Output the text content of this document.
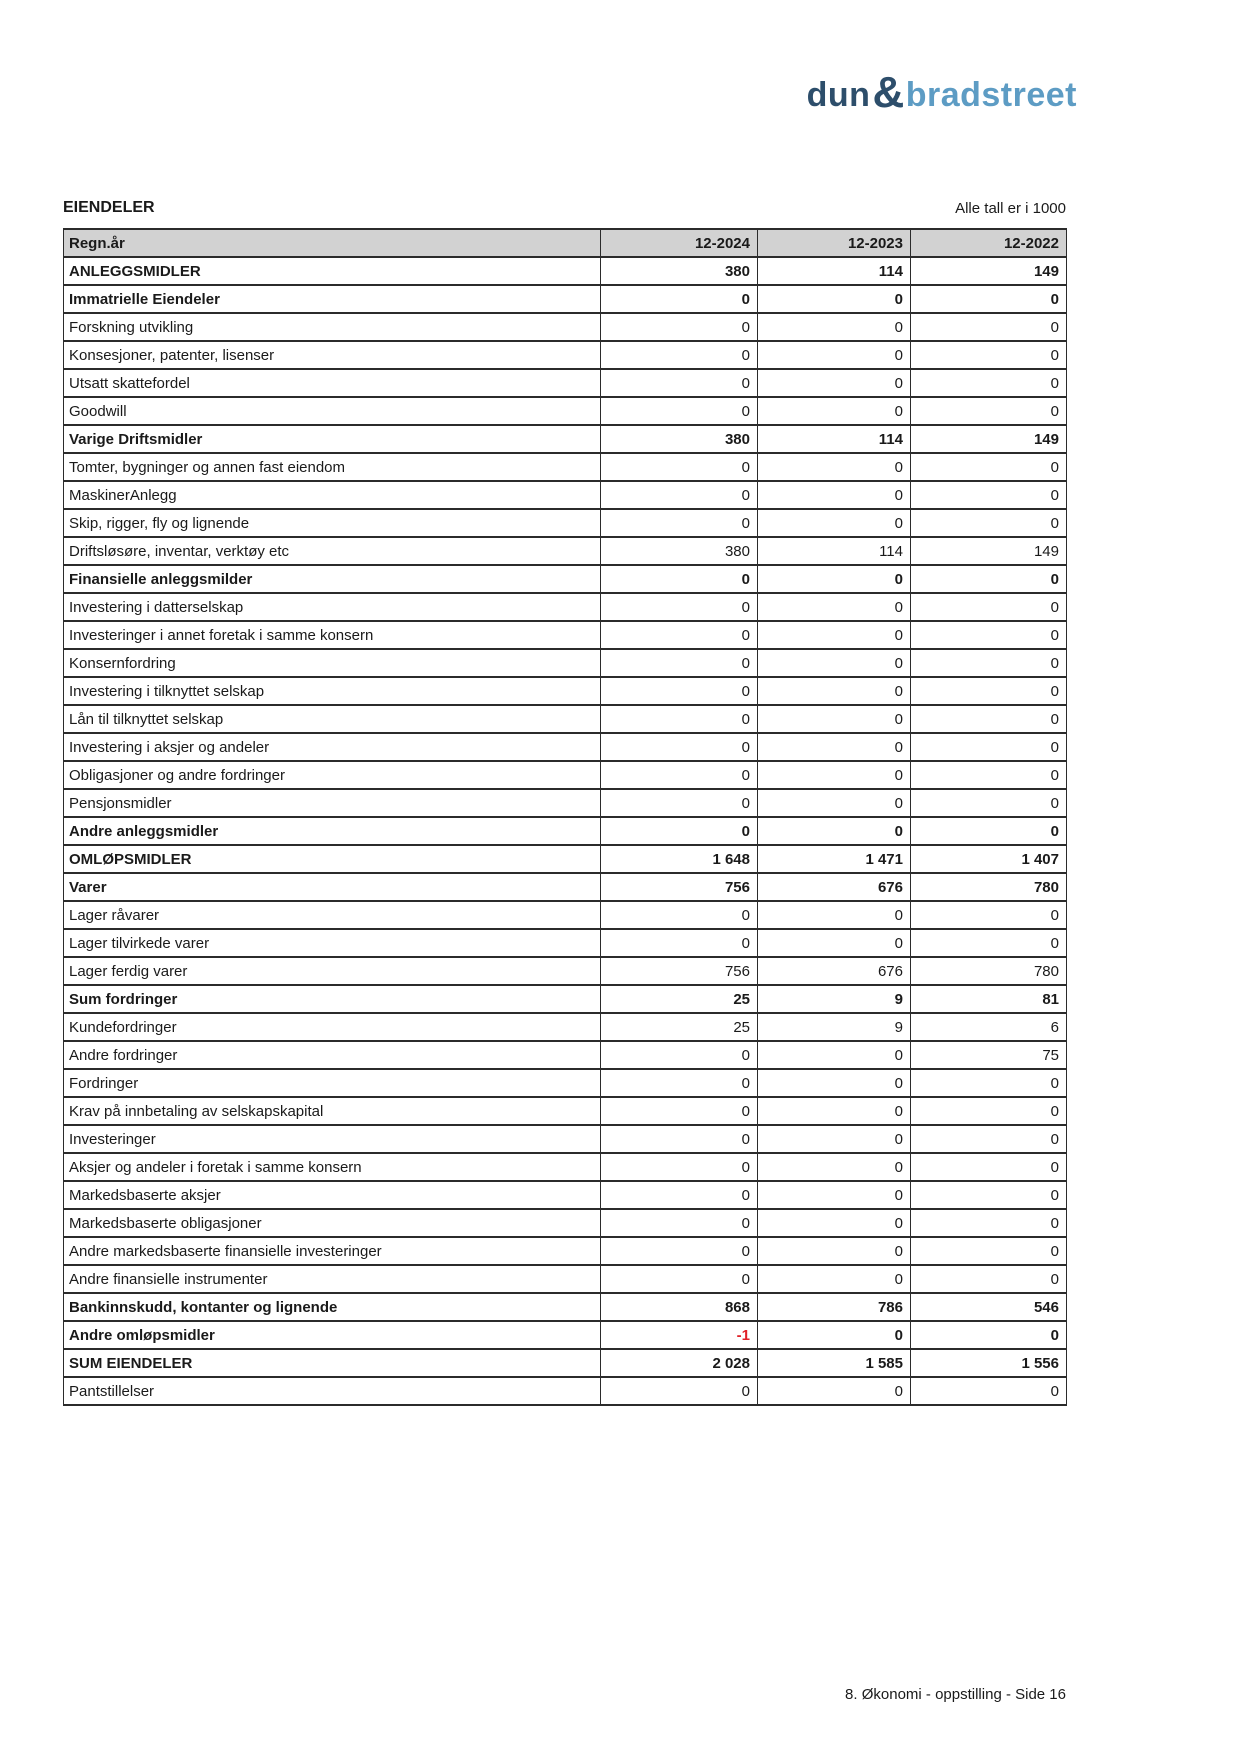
dun & bradstreet
EIENDELER	Alle tall er i 1000
Regn.år	12-2024	12-2023	12-2022
ANLEGGSMIDLER	380	114	149
Immatrielle Eiendeler	0	0	0
Forskning utvikling	0	0	0
Konsesjoner, patenter, lisenser	0	0	0
Utsatt skattefordel	0	0	0
Goodwill	0	0	0
Varige Driftsmidler	380	114	149
Tomter, bygninger og annen fast eiendom	0	0	0
MaskinerAnlegg	0	0	0
Skip, rigger, fly og lignende	0	0	0
Driftsløsøre, inventar, verktøy etc	380	114	149
Finansielle anleggsmilder	0	0	0
Investering i datterselskap	0	0	0
Investeringer i annet foretak i samme konsern	0	0	0
Konsernfordring	0	0	0
Investering i tilknyttet selskap	0	0	0
Lån til tilknyttet selskap	0	0	0
Investering i aksjer og andeler	0	0	0
Obligasjoner og andre fordringer	0	0	0
Pensjonsmidler	0	0	0
Andre anleggsmidler	0	0	0
OMLØPSMIDLER	1 648	1 471	1 407
Varer	756	676	780
Lager råvarer	0	0	0
Lager tilvirkede varer	0	0	0
Lager ferdig varer	756	676	780
Sum fordringer	25	9	81
Kundefordringer	25	9	6
Andre fordringer	0	0	75
Fordringer	0	0	0
Krav på innbetaling av selskapskapital	0	0	0
Investeringer	0	0	0
Aksjer og andeler i foretak i samme konsern	0	0	0
Markedsbaserte aksjer	0	0	0
Markedsbaserte obligasjoner	0	0	0
Andre markedsbaserte finansielle investeringer	0	0	0
Andre finansielle instrumenter	0	0	0
Bankinnskudd, kontanter og lignende	868	786	546
Andre omløpsmidler	-1	0	0
SUM EIENDELER	2 028	1 585	1 556
Pantstillelser	0	0	0
8. Økonomi - oppstilling - Side 16
